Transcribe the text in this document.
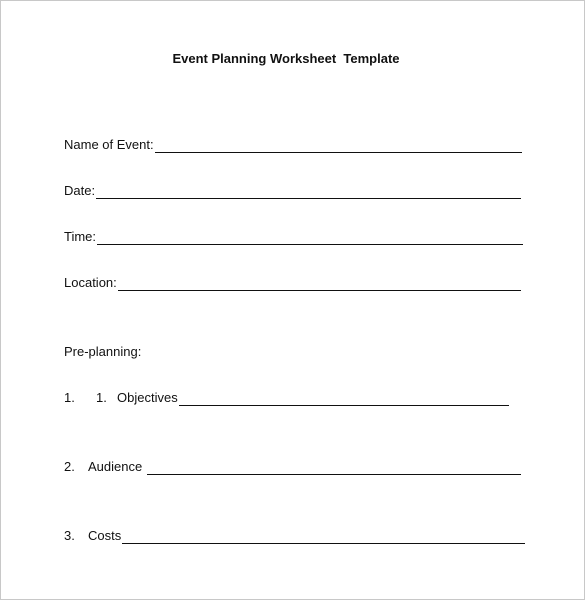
Event Planning Worksheet  Template
Name of Event:
Date:
Time:
Location:
Pre-planning:
1.	1. Objectives
2.	Audience
3.	Costs
